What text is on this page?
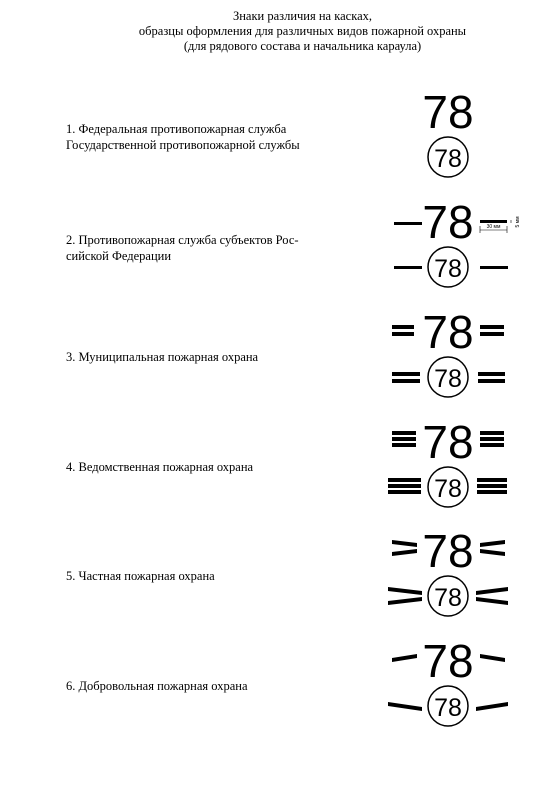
Знаки различия на касках,
образцы оформления для различных видов пожарной охраны
(для рядового состава и начальника караула)
1. Федеральная противопожарная служба
Государственной противопожарной службы
78
78
2. Противопожарная служба субъектов Рос-
сийской Федерации
78	30 мм	5 мм
78
3. Муниципальная пожарная охрана	78
78
4. Ведомственная пожарная охрана	78
78
5. Частная пожарная охрана	78
78
6. Добровольная пожарная охрана	78
78
